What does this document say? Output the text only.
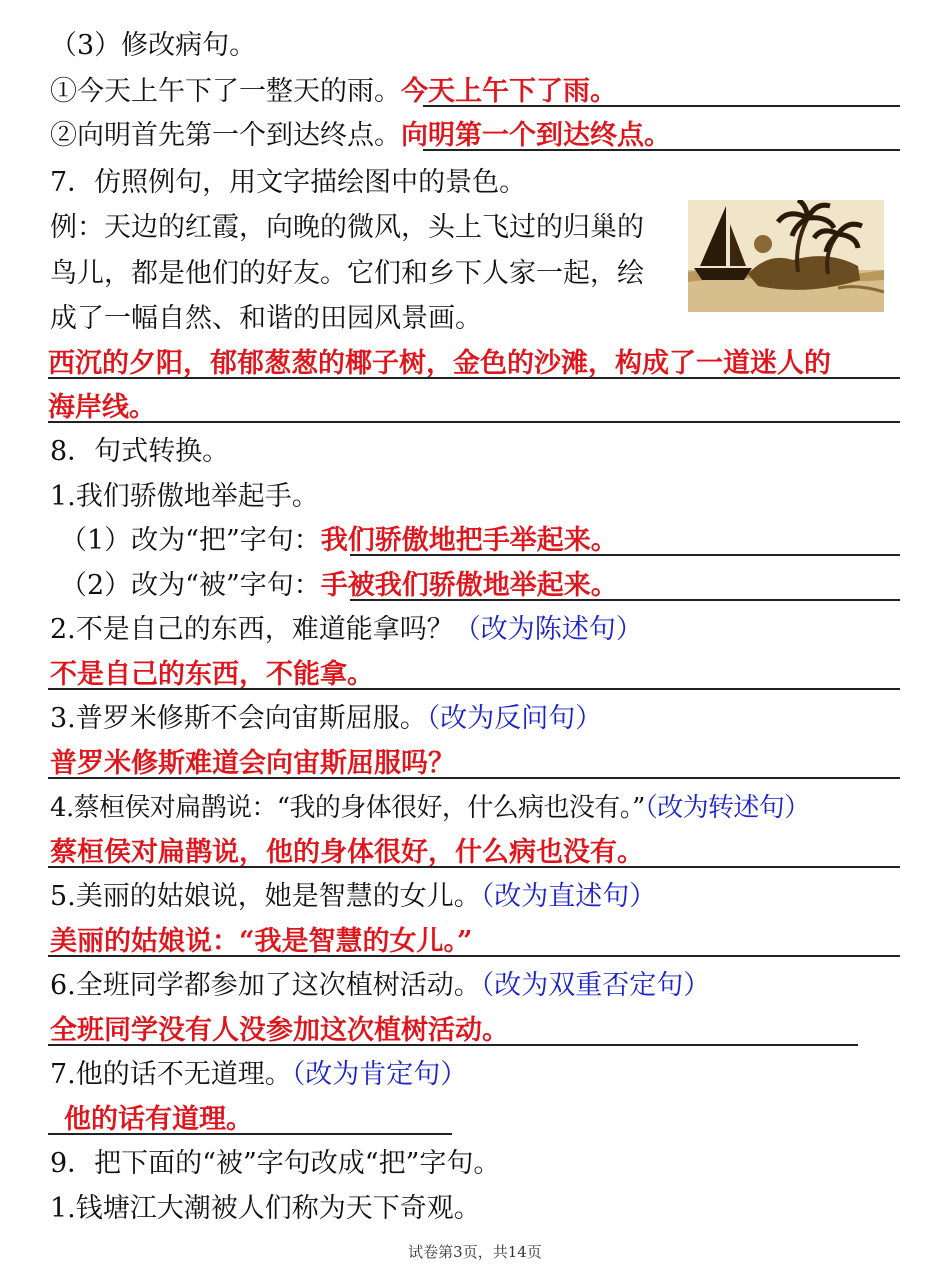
（3）修改病句。
①今天上午下了一整天的雨。今天上午下了雨。
②向明首先第一个到达终点。向明第一个到达终点。
7．仿照例句，用文字描绘图中的景色。
例：天边的红霞，向晚的微风，头上飞过的归巢的
鸟儿，都是他们的好友。它们和乡下人家一起，绘
成了一幅自然、和谐的田园风景画。
西沉的夕阳，郁郁葱葱的椰子树，金色的沙滩，构成了一道迷人的
海岸线。
8．句式转换。
1.我们骄傲地举起手。
（1）改为“把”字句：我们骄傲地把手举起来。
（2）改为“被”字句：手被我们骄傲地举起来。
2.不是自己的东西，难道能拿吗？（改为陈述句）
不是自己的东西，不能拿。
3.普罗米修斯不会向宙斯屈服。（改为反问句）
普罗米修斯难道会向宙斯屈服吗？
4.蔡桓侯对扁鹊说：“我的身体很好，什么病也没有。”（改为转述句）
蔡桓侯对扁鹊说，他的身体很好，什么病也没有。
5.美丽的姑娘说，她是智慧的女儿。（改为直述句）
美丽的姑娘说：“我是智慧的女儿。”
6.全班同学都参加了这次植树活动。（改为双重否定句）
全班同学没有人没参加这次植树活动。
7.他的话不无道理。（改为肯定句）
他的话有道理。
9．把下面的“被”字句改成“把”字句。
1.钱塘江大潮被人们称为天下奇观。
试卷第3页，共14页
